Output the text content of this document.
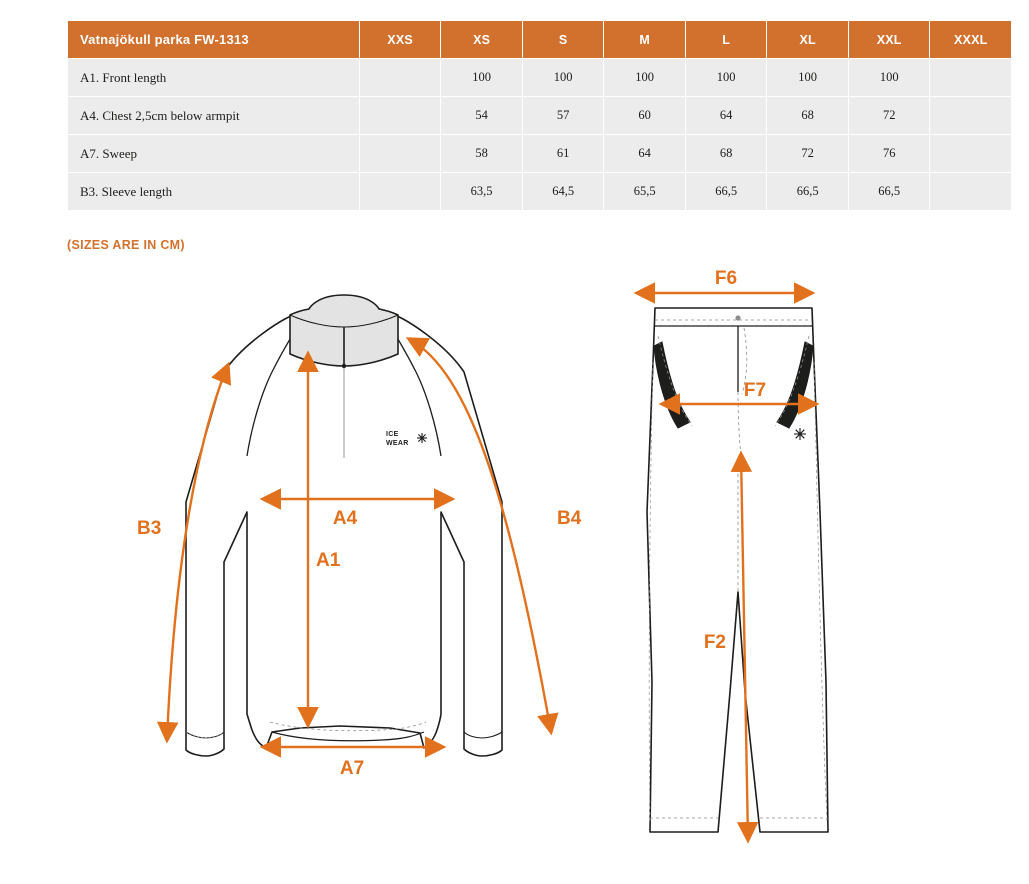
Vatnajökull parka FW-1313	XXS	XS	S	M	L	XL	XXL	XXXL
A1. Front length		100	100	100	100	100	100	
A4. Chest 2,5cm below armpit		54	57	60	64	68	72	
A7. Sweep		58	61	64	68	72	76	
B3. Sleeve length		63,5	64,5	65,5	66,5	66,5	66,5	
(SIZES ARE IN CM)
ICE
WEAR
B3	B4
A4
A1
A7
F6
F7
F2
